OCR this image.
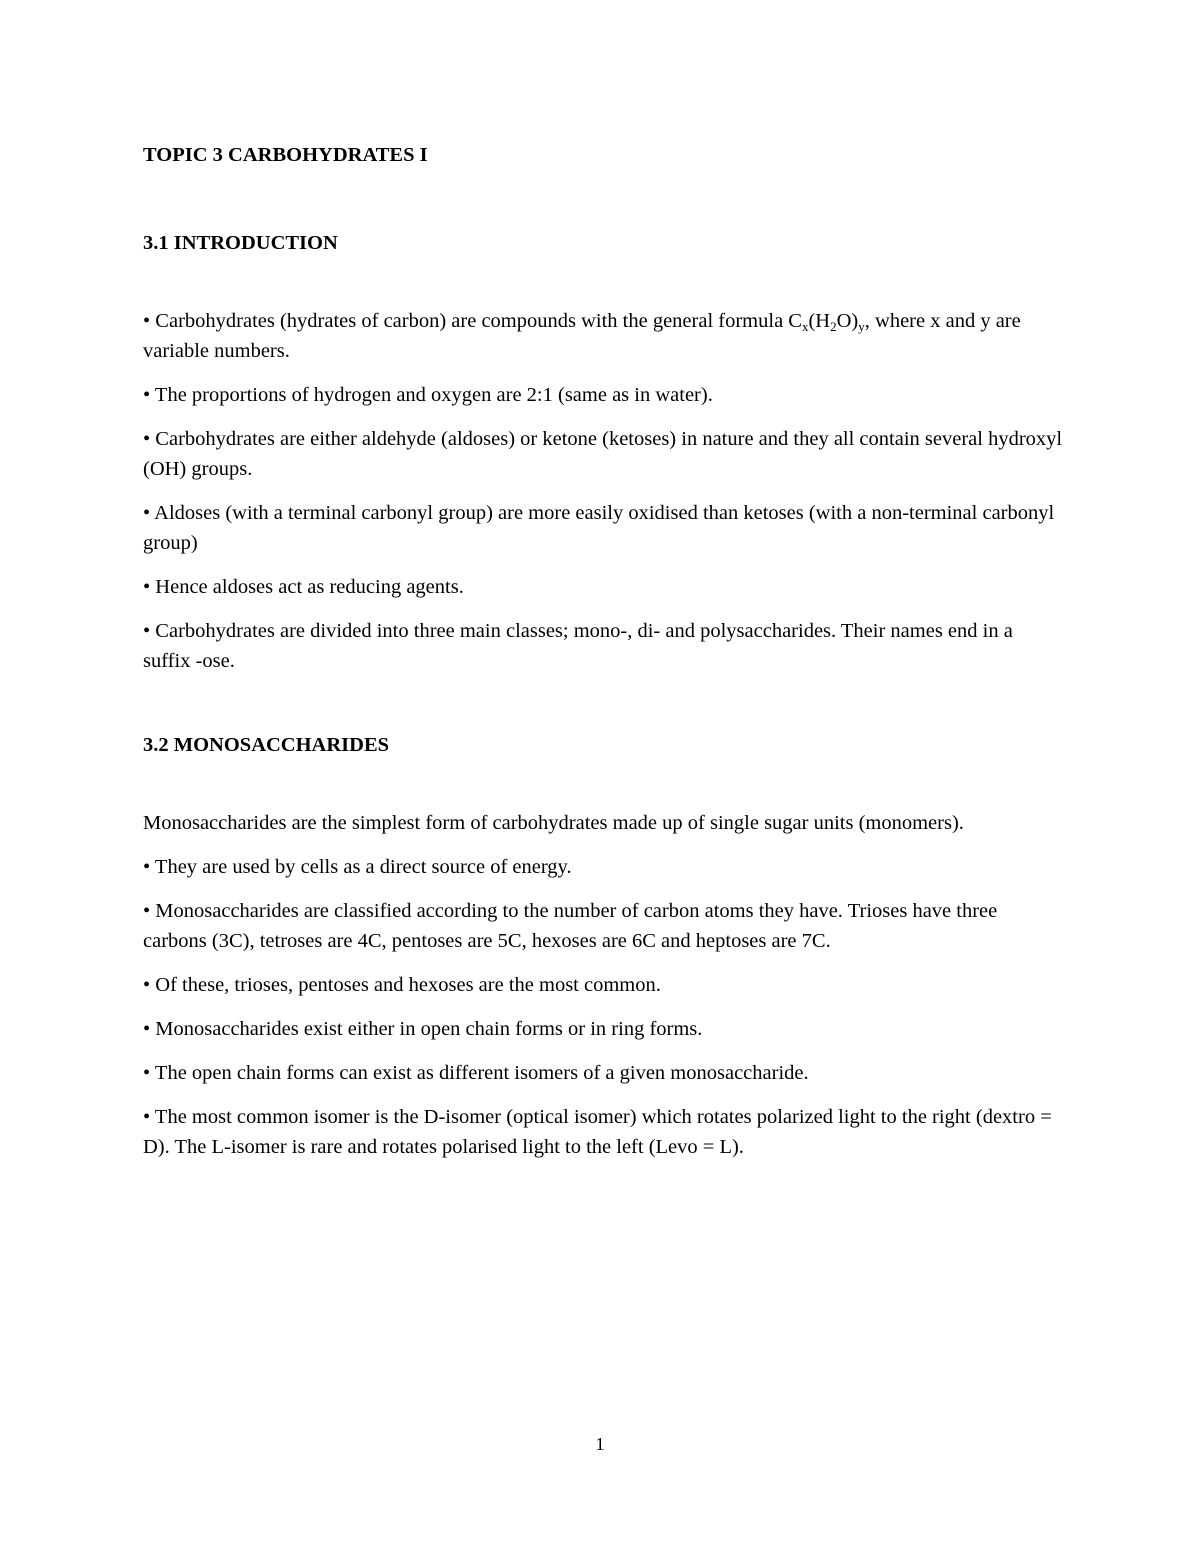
TOPIC 3 CARBOHYDRATES I

3.1 INTRODUCTION

• Carbohydrates (hydrates of carbon) are compounds with the general formula $C_x(H_2O)_y$, where x and y are variable numbers.

• The proportions of hydrogen and oxygen are 2:1 (same as in water).

• Carbohydrates are either aldehyde (aldoses) or ketone (ketoses) in nature and they all contain several hydroxyl (OH) groups.

• Aldoses (with a terminal carbonyl group) are more easily oxidised than ketoses (with a non-terminal carbonyl group)

• Hence aldoses act as reducing agents.

• Carbohydrates are divided into three main classes; mono-, di- and polysaccharides. Their names end in a suffix -ose.

3.2 MONOSACCHARIDES

Monosaccharides are the simplest form of carbohydrates made up of single sugar units (monomers).

• They are used by cells as a direct source of energy.

• Monosaccharides are classified according to the number of carbon atoms they have. Trioses have three carbons (3C), tetroses are 4C, pentoses are 5C, hexoses are 6C and heptoses are 7C.

• Of these, trioses, pentoses and hexoses are the most common.

• Monosaccharides exist either in open chain forms or in ring forms.

• The open chain forms can exist as different isomers of a given monosaccharide.

• The most common isomer is the D-isomer (optical isomer) which rotates polarized light to the right (dextro = D). The L-isomer is rare and rotates polarised light to the left (Levo = L).

1
